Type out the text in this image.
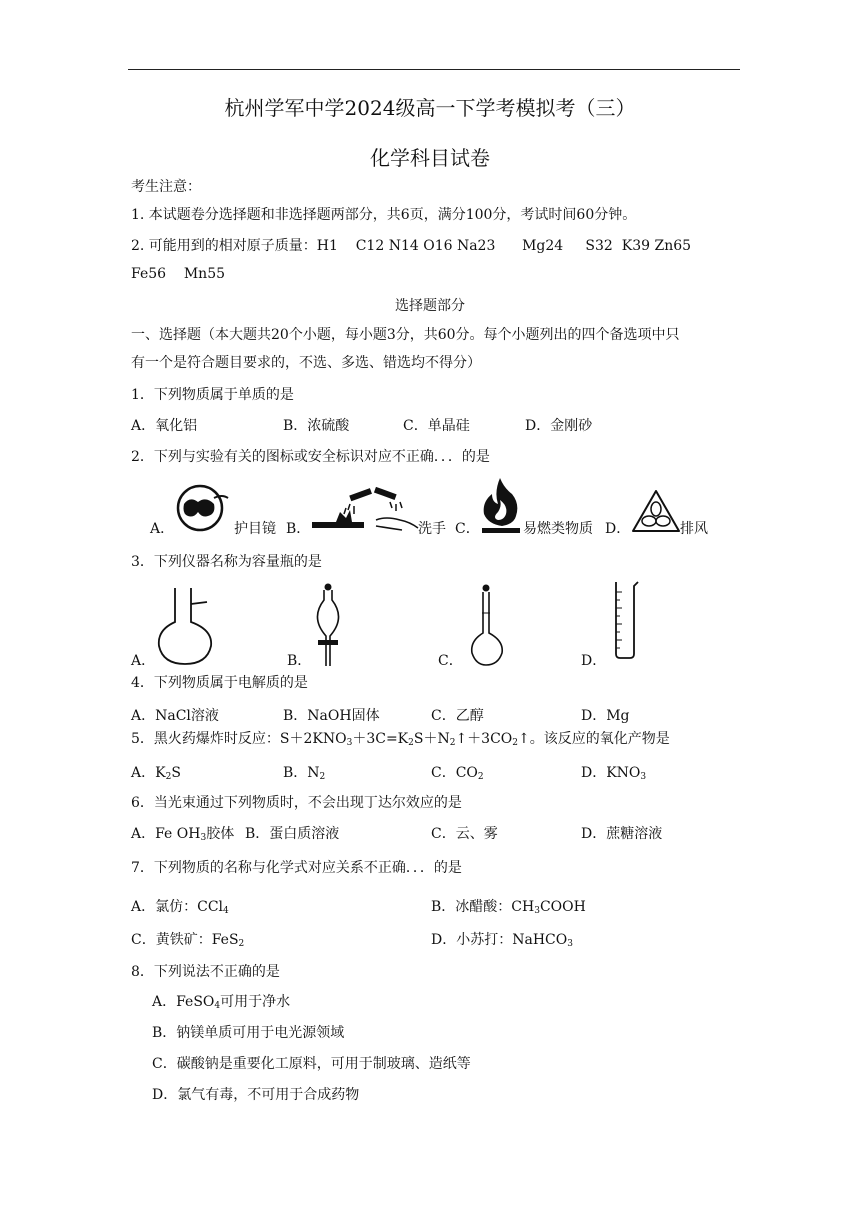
杭州学军中学2024级高一下学考模拟考（三）
化学科目试卷
考生注意：
1. 本试题卷分选择题和非选择题两部分，共6页，满分100分，考试时间60分钟。
2. 可能用到的相对原子质量：H1    C12 N14 O16 Na23      Mg24     S32  K39 Zn65
Fe56    Mn55
选择题部分
一、选择题（本大题共20个小题，每小题3分，共60分。每个小题列出的四个备选项中只
有一个是符合题目要求的，不选、多选、错选均不得分）
1．下列物质属于单质的是
A．氧化铝	B．浓硫酸	C．单晶硅	D．金刚砂
2．下列与实验有关的图标或安全标识对应不正确．．．的是
A．	护目镜 B．	洗手 C．	易燃类物质 D．	排风
3．下列仪器名称为容量瓶的是
A．	B．	C．	D．
4．下列物质属于电解质的是
A．NaCl溶液	B．NaOH固体	C．乙醇	D．Mg
5．黑火药爆炸时反应：$S+2KNO_3+3C=K_2S+N_2↑+3CO_2↑$。该反应的氧化产物是
A．$K_2S$	B．$N_2$	C．$CO_2$	D．$KNO_3$
6．当光束通过下列物质时，不会出现丁达尔效应的是
A．Fe $OH_3$胶体 B．蛋白质溶液	C．云、雾	D．蔗糖溶液
7．下列物质的名称与化学式对应关系不正确．．．的是
A．氯仿：CCl$_4$	B．冰醋酸：$CH_3COOH$
C．黄铁矿：FeS$_2$	D．小苏打：NaHCO$_3$
8．下列说法不正确的是
A．FeSO$_4$可用于净水
B．钠镁单质可用于电光源领域
C．碳酸钠是重要化工原料，可用于制玻璃、造纸等
D．氯气有毒，不可用于合成药物
